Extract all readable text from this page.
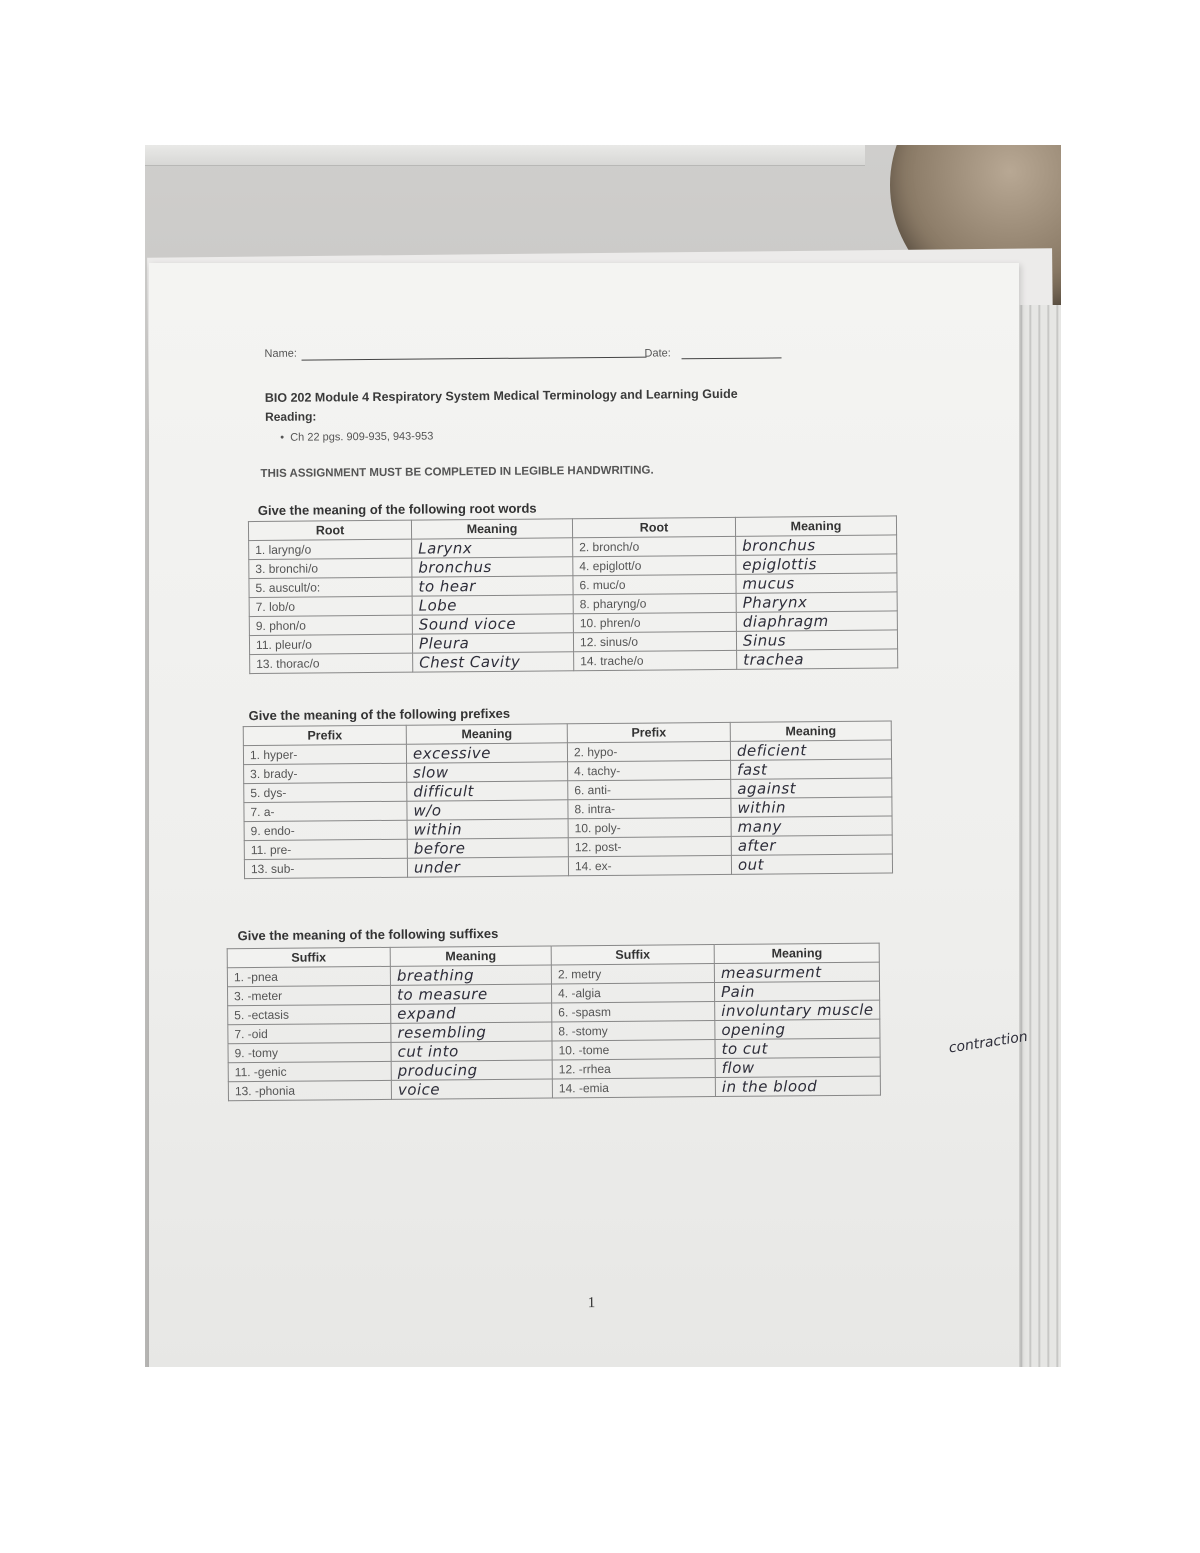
Name:	Date:
BIO 202 Module 4 Respiratory System Medical Terminology and Learning Guide
Reading:
•  Ch 22 pgs. 909-935, 943-953
THIS ASSIGNMENT MUST BE COMPLETED IN LEGIBLE HANDWRITING.
Give the meaning of the following root words
Root	Meaning	Root	Meaning
1. laryng/o	Larynx	2. bronch/o	bronchus
3. bronchi/o	bronchus	4. epiglott/o	epiglottis
5. auscult/o:	to hear	6. muc/o	mucus
7. lob/o	Lobe	8. pharyng/o	Pharynx
9. phon/o	Sound vioce	10. phren/o	diaphragm
11. pleur/o	Pleura	12. sinus/o	Sinus
13. thorac/o	Chest Cavity	14. trache/o	trachea
Give the meaning of the following prefixes
Prefix	Meaning	Prefix	Meaning
1. hyper-	excessive	2. hypo-	deficient
3. brady-	slow	4. tachy-	fast
5. dys-	difficult	6. anti-	against
7. a-	w/o	8. intra-	within
9. endo-	within	10. poly-	many
11. pre-	before	12. post-	after
13. sub-	under	14. ex-	out
Give the meaning of the following suffixes
Suffix	Meaning	Suffix	Meaning
1. -pnea	breathing	2. metry	measurment
3. -meter	to measure	4. -algia	Pain
5. -ectasis	expand	6. -spasm	involuntary muscle
7. -oid	resembling	8. -stomy	opening
9. -tomy	cut into	10. -tome	to cut
11. -genic	producing	12. -rrhea	flow
13. -phonia	voice	14. -emia	in the blood
contraction
1
